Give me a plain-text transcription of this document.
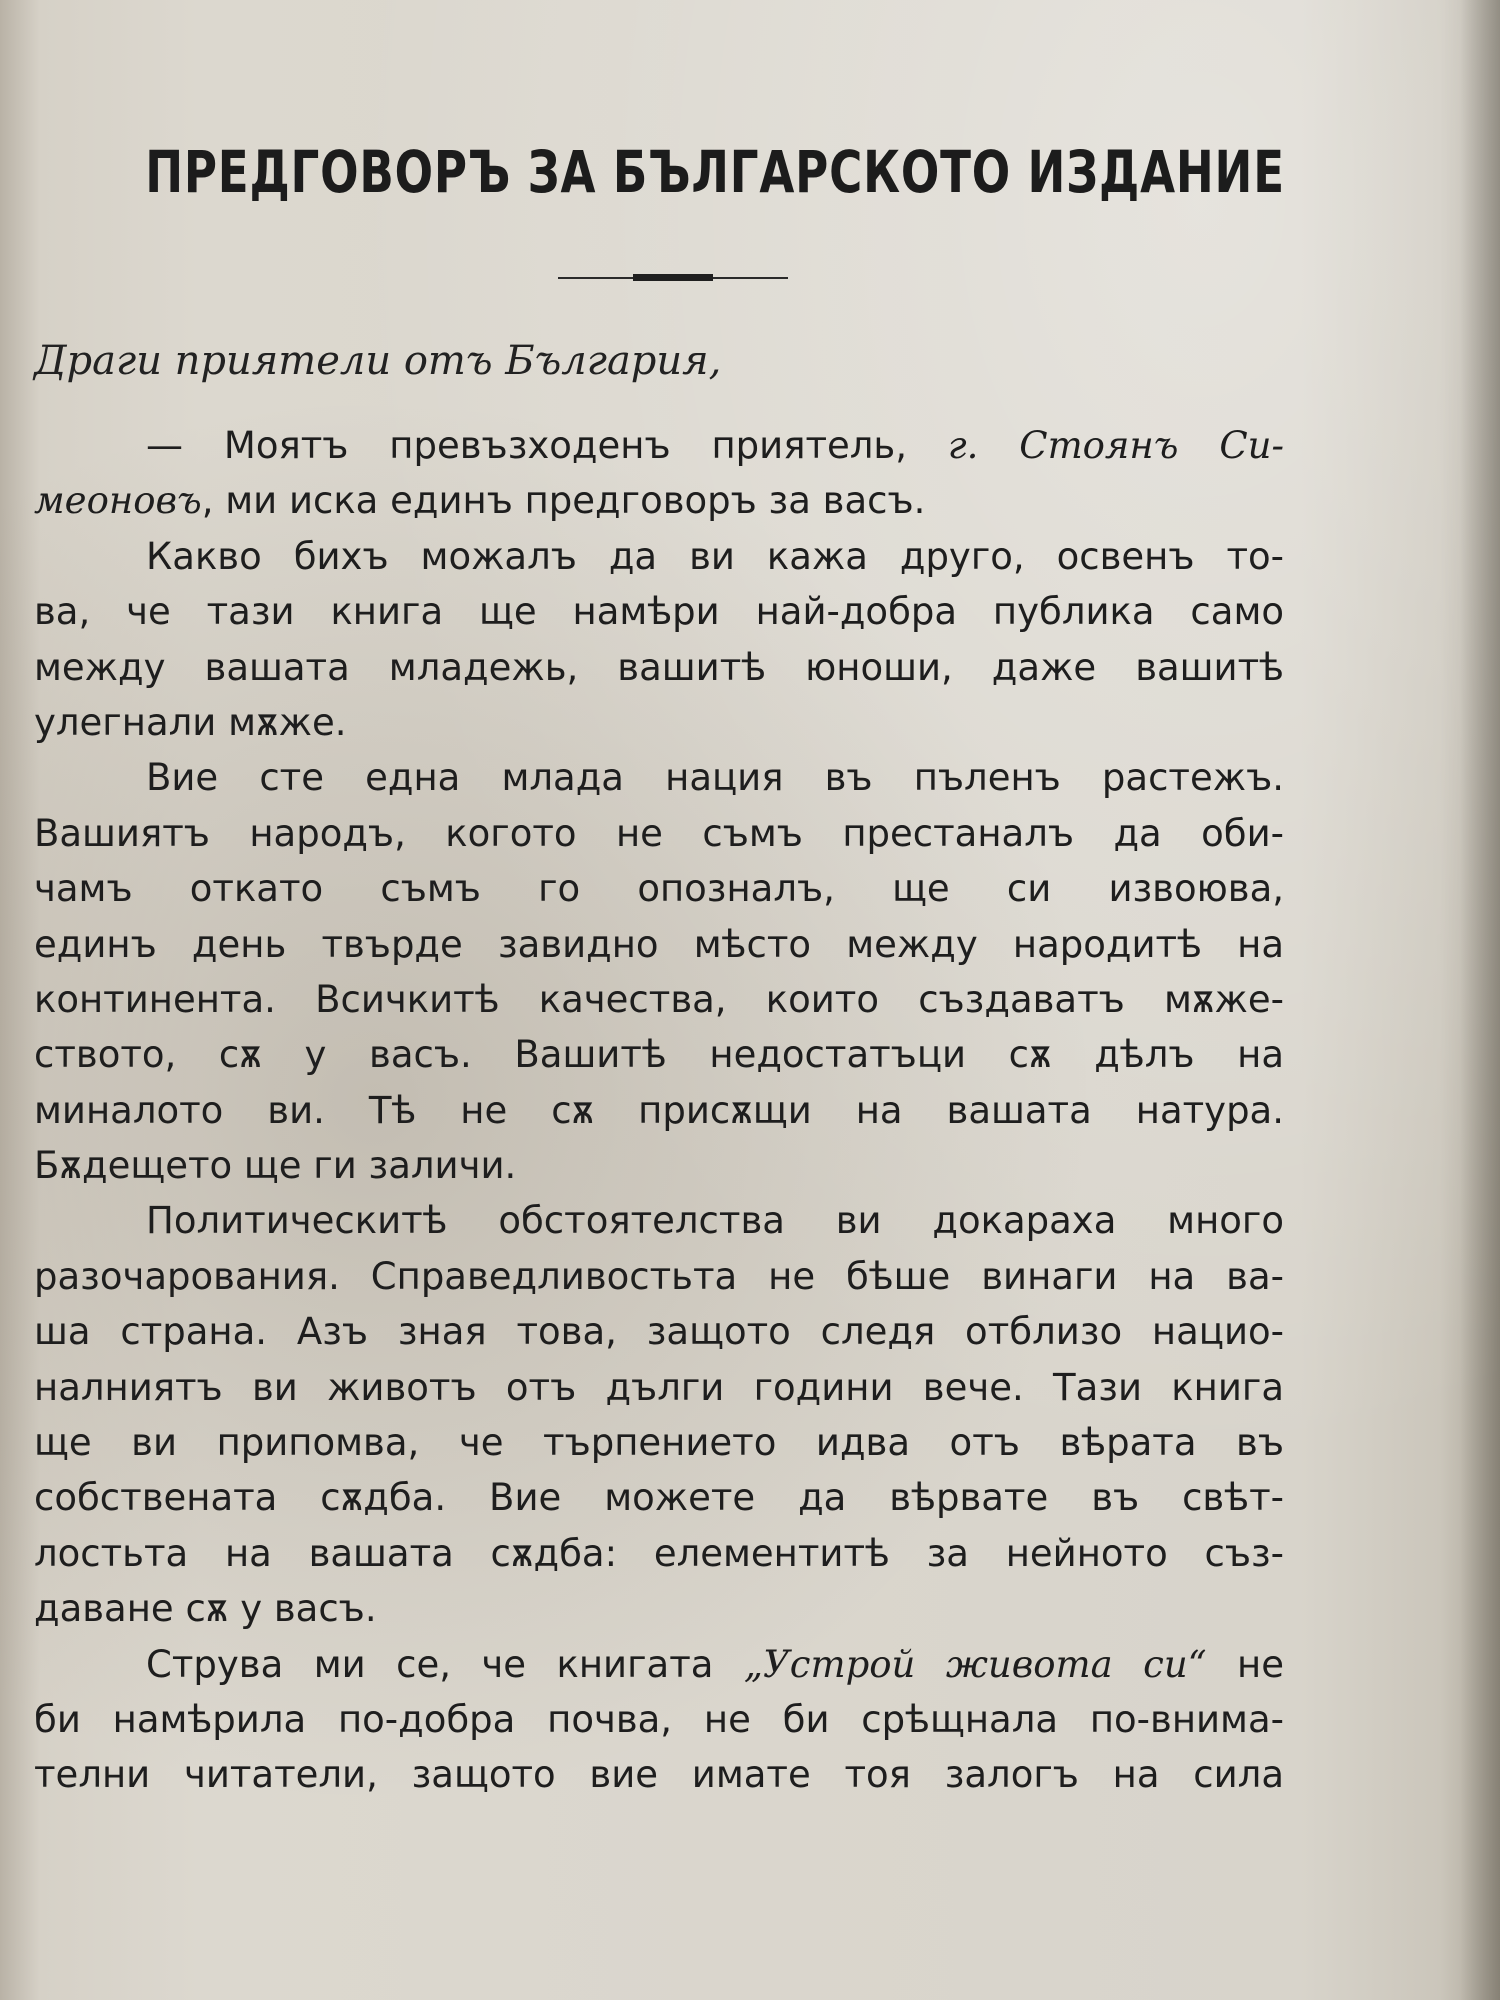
ПРЕДГОВОРЪ ЗА БЪЛГАРСКОТО ИЗДАНИЕ
Драги приятели отъ България,
— Моятъ превъзходенъ приятель, г. Стоянъ Си-
меоновъ, ми иска единъ предговоръ за васъ.
Какво бихъ можалъ да ви кажа друго, освенъ то-
ва, че тази книга ще намѣри най-добра публика само
между вашата младежь, вашитѣ юноши, даже вашитѣ
улегнали мѫже.
Вие сте една млада нация въ пъленъ растежъ.
Вашиятъ народъ, когото не съмъ престаналъ да оби-
чамъ откато съмъ го опозналъ, ще си извоюва,
единъ день твърде завидно мѣсто между народитѣ на
континента. Всичкитѣ качества, които създаватъ мѫже-
ството, сѫ у васъ. Вашитѣ недостатъци сѫ дѣлъ на
миналото ви. Тѣ не сѫ присѫщи на вашата натура.
Бѫдещето ще ги заличи.
Политическитѣ обстоятелства ви докараха много
разочарования. Справедливостьта не бѣше винаги на ва-
ша страна. Азъ зная това, защото следя отблизо нацио-
налниятъ ви животъ отъ дълги години вече. Тази книга
ще ви припомва, че търпението идва отъ вѣрата въ
собствената сѫдба. Вие можете да вѣрвате въ свѣт-
лостьта на вашата сѫдба: елементитѣ за нейното съз-
даване сѫ у васъ.
Струва ми се, че книгата „Устрой живота си“ не
би намѣрила по-добра почва, не би срѣщнала по-внима-
телни читатели, защото вие имате тоя залогъ на сила
